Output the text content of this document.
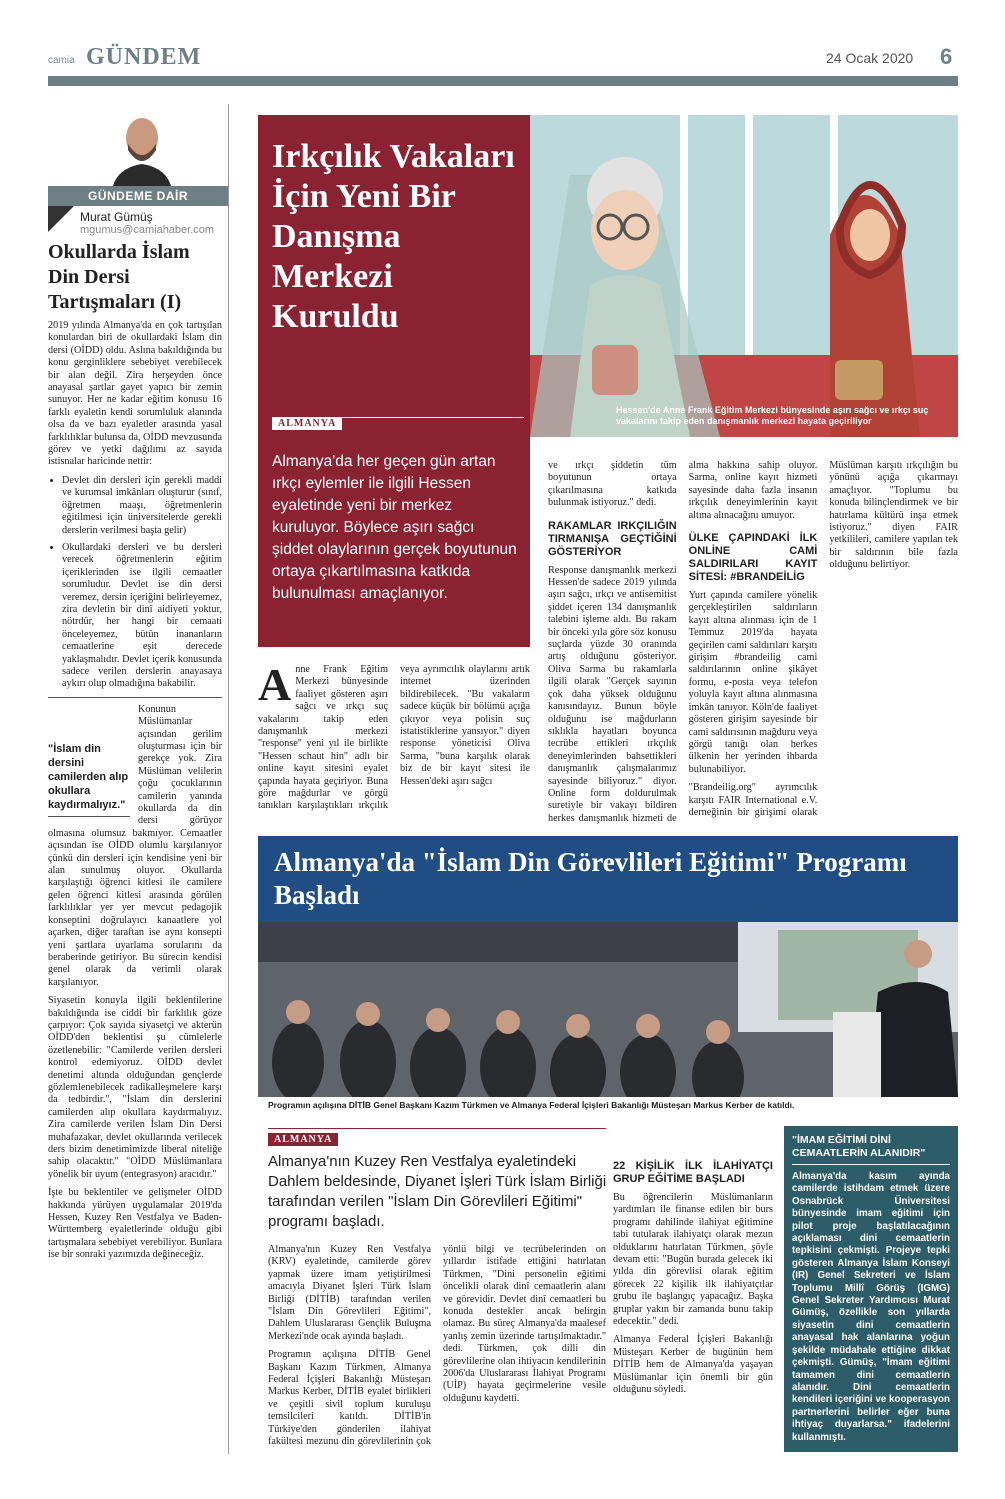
camia GÜNDEM	24 Ocak 2020 6
GÜNDEME DAİR
Murat Gümüş
mgumus@camiahaber.com
Okullarda İslam Din Dersi Tartışmaları (I)

2019 yılında Almanya'da en çok tartışılan konulardan biri de okullardaki İslam din dersi (OİDD) oldu. Aslına bakıldığında bu konu gerginliklere sebebiyet verebilecek bir alan değil. Zira herşeyden önce anayasal şartlar gayet yapıcı bir zemin sunuyor. Her ne kadar eğitim konusu 16 farklı eyaletin kendi sorumluluk alanında olsa da ve bazı eyaletler arasında yasal farklılıklar bulunsa da, OİDD mevzusunda görev ve yetki dağılımı az sayıda istisnalar haricinde nettir:

• Devlet din dersleri için gerekli maddi ve kurumsal imkânları oluşturur (sınıf, öğretmen maaşı, öğretmenlerin eğitilmesi için üniversitelerde gerekli derslerin verilmesi başta gelir)
• Okullardaki dersleri ve bu dersleri verecek öğretmenlerin eğitim içeriklerinden ise ilgili cemaatler sorumludur. Devlet ise din dersi veremez, dersin içeriğini belirleyemez, zira devletin bir dinî aidiyeti yoktur, nötrdür, her hangi bir cemaati önceleyemez, bütün inananların cemaatlerine eşit derecede yaklaşmalıdır. Devlet içerik konusunda sadece verilen derslerin anayasaya aykırı olup olmadığına bakabilir.
"İslam din dersini camilerden alıp okullara kaydırmalıyız."

Konunun Müslümanlar açısından gerilim oluşturması için bir gerekçe yok. Zira Müslüman velilerin çoğu çocuklarının camilerin yanında okullarda da din dersi görüyor olmasına olumsuz bakmıyor. Cemaatler açısından ise OİDD olumlu karşılanıyor çünkü din dersleri için kendisine yeni bir alan sunulmuş oluyor. Okullarda karşılaştığı öğrenci kitlesi ile camilere gelen öğrenci kitlesi arasında görülen farklılıklar yer yer mevcut pedagojik konseptini doğrulayıcı kanaatlere yol açarken, diğer taraftan ise aynı konsepti yeni şartlara uyarlama sorularını da beraberinde getiriyor. Bu sürecin kendisi genel olarak da verimli olarak karşılanıyor.

Siyasetin konuyla ilgili beklentilerine bakıldığında ise ciddi bir farklılık göze çarpıyor: Çok sayıda siyasetçi ve akterün OİDD'den beklentisi şu cümlelerle özetlenebilir: "Camilerde verilen dersleri kontrol edemiyoruz. OİDD devlet denetimi altında olduğundan gençlerde gözlemlenebilecek radikalleşmelere karşı da tedbirdir.", "İslam din derslerini camilerden alıp okullara kaydırmalıyız. Zira camilerde verilen İslam Din Dersi muhafazakar, devlet okullarında verilecek ders bizim denetimimizde liberal niteliğe sahip olacaktır." "OİDD Müslümanlara yönelik bir uyum (entegrasyon) aracıdır."

İşte bu beklentiler ve gelişmeler OİDD hakkında yürüyen uygulamalar 2019'da Hessen, Kuzey Ren Vestfalya ve Baden-Württemberg eyaletlerinde olduğu gibi tartışmalara sebebiyet verebiliyor. Bunlara ise bir sonraki yazımızda değineceğiz.

Irkçılık Vakaları İçin Yeni Bir Danışma Merkezi Kuruldu
ALMANYA
Almanya'da her geçen gün artan ırkçı eylemler ile ilgili Hessen eyaletinde yeni bir merkez kuruluyor. Böylece aşırı sağcı şiddet olaylarının gerçek boyutunun ortaya çıkartılmasına katkıda bulunulması amaçlanıyor.
Hessen'de Anne Frank Eğitim Merkezi bünyesinde aşırı sağcı ve ırkçı suç vakalarını takip eden danışmanlık merkezi hayata geçiriliyor
Anne Frank Eğitim Merkezi bünyesinde faaliyet gösteren aşırı sağcı ve ırkçı suç vakalarını takip eden danışmanlık merkezi "response" yeni yıl ile birlikte "Hessen schaut hin" adlı bir online kayıt sitesini eyalet çapında hayata geçiriyor. Buna göre mağdurlar ve görgü tanıkları karşılaştıkları ırkçılık veya ayrımcılık olaylarını artık internet üzerinden bildirebilecek. "Bu vakaların sadece küçük bir bölümü açığa çıkıyor veya polisin suç istatistiklerine yansıyor." diyen response yöneticisi Oliva Sarma, "buna karşılık olarak biz de bir kayıt sitesi ile Hessen'deki aşırı sağcı

ve ırkçı şiddetin tüm boyutunun ortaya çıkarılmasına katkıda bulunmak istiyoruz." dedi.

RAKAMLAR IRKÇILIĞIN TIRMANIŞA GEÇTİĞİNİ GÖSTERİYOR

Response danışmanlık merkezi Hessen'de sadece 2019 yılında aşırı sağcı, ırkçı ve antisemitist şiddet içeren 134 danışmanlık talebini işleme aldı. Bu rakam bir önceki yıla göre söz konusu suçlarda yüzde 30 oranında artış olduğunu gösteriyor. Oliva Sarma bu rakamlarla ilgili olarak "Gerçek sayının çok daha yüksek olduğunu kanısındayız. Bunun böyle olduğunu ise mağdurların sıklıkla hayatları boyunca tecrübe ettikleri ırkçılık deneyimlerinden bahsettikleri danışmanlık çalışmalarımız sayesinde biliyoruz." diyor. Online form doldurulmak suretiyle bir vakayı bildiren herkes danışmanlık hizmeti de alma hakkına sahip oluyor. Sarma, online kayıt hizmeti sayesinde daha fazla insanın ırkçılık deneyimlerinin kayıt altına alınacağını umuyor.

ÜLKE ÇAPINDAKİ İLK ONLİNE CAMİ SALDIRILARI KAYIT SİTESİ: #BRANDEİLİG

Yurt çapında camilere yönelik gerçekleştirilen saldırıların kayıt altına alınması için de 1 Temmuz 2019'da hayata geçirilen cami saldırıları karşıtı girişim #brandeilig cami saldırılarının online şikâyet formu, e-posta veya telefon yoluyla kayıt altına alınmasına imkân tanıyor. Köln'de faaliyet gösteren girişim sayesinde bir cami saldırısının mağduru veya görgü tanığı olan herkes ülkenin her yerinden ihbarda bulunabiliyor.

"Brandeilig.org" ayrımcılık karşıtı FAIR International e.V. derneğinin bir girişimi olarak Müslüman karşıtı ırkçılığın bu yönünü açığa çıkarmayı amaçlıyor. "Toplumu bu konuda bilinçlendirmek ve bir hatırlama kültürü inşa etmek istiyoruz." diyen FAIR yetkilileri, camilere yapılan tek bir saldırının bile fazla olduğunu belirtiyor.

Almanya'da "İslam Din Görevlileri Eğitimi" Programı Başladı
Programın açılışına DİTİB Genel Başkanı Kazım Türkmen ve Almanya Federal İçişleri Bakanlığı Müsteşarı Markus Kerber de katıldı.
ALMANYA
Almanya'nın Kuzey Ren Vestfalya eyaletindeki Dahlem beldesinde, Diyanet İşleri Türk İslam Birliği tarafından verilen "İslam Din Görevlileri Eğitimi" programı başladı.

Almanya'nın Kuzey Ren Vestfalya (KRV) eyaletinde, camilerde görev yapmak üzere imam yetiştirilmesi amacıyla Diyanet İşleri Türk İslam Birliği (DİTİB) tarafından verilen "İslam Din Görevlileri Eğitimi", Dahlem Uluslararası Gençlik Buluşma Merkezi'nde ocak ayında başladı.

Programın açılışına DİTİB Genel Başkanı Kazım Türkmen, Almanya Federal İçişleri Bakanlığı Müsteşarı Markus Kerber, DİTİB eyalet birlikleri ve çeşitli sivil toplum kuruluşu temsilcileri katıldı. DİTİB'in Türkiye'den gönderilen ilahiyat fakültesi mezunu din görevlilerinin çok yönlü bilgi ve tecrübelerinden on yıllardır istifade ettiğini hatırlatan Türkmen, "Dini personelin eğitimi öncelikli olarak dinî cemaatlerin alanı ve görevidir. Devlet dinî cemaatleri bu konuda destekler ancak belirgin olamaz. Bu süreç Almanya'da maalesef yanlış zemin üzerinde tartışılmaktadır." dedi. Türkmen, çok dilli din görevlilerine olan ihtiyacın kendilerinin 2006'da Uluslararası İlahiyat Programı (UİP) hayata geçirmelerine vesile olduğunu kaydetti.

22 KİŞİLİK İLK İLAHİYATÇI GRUP EĞİTİME BAŞLADI

Bu öğrencilerin Müslümanların yardımları ile finanse edilen bir burs programı dahilinde ilahiyat eğitimine tabi tutularak ilahiyatçı olarak mezun olduklarını hatırlatan Türkmen, şöyle devam etti: "Bugün burada gelecek iki yılda din görevlisi olarak eğitim görecek 22 kişilik ilk ilahiyatçılar grubu ile başlangıç yapacağız. Başka gruplar yakın bir zamanda bunu takip edecektir." dedi.

Almanya Federal İçişleri Bakanlığı Müsteşarı Kerber de bugünün hem DİTİB hem de Almanya'da yaşayan Müslümanlar için önemli bir gün olduğunu söyledi.

"İMAM EĞİTİMİ DİNİ CEMAATLERİN ALANIDIR"
Almanya'da kasım ayında camilerde istihdam etmek üzere Osnabrück Üniversitesi bünyesinde imam eğitimi için pilot proje başlatılacağının açıklaması dini cemaatlerin tepkisini çekmişti. Projeye tepki gösteren Almanya İslam Konseyi (IR) Genel Sekreteri ve İslam Toplumu Millî Görüş (IGMG) Genel Sekreter Yardımcısı Murat Gümüş, özellikle son yıllarda siyasetin dini cemaatlerin anayasal hak alanlarına yoğun şekilde müdahale ettiğine dikkat çekmişti. Gümüş, "İmam eğitimi tamamen dini cemaatlerin alanıdır. Dini cemaatlerin kendileri içeriğini ve kooperasyon partnerlerini belirler eğer buna ihtiyaç duyarlarsa." ifadelerini kullanmıştı.
